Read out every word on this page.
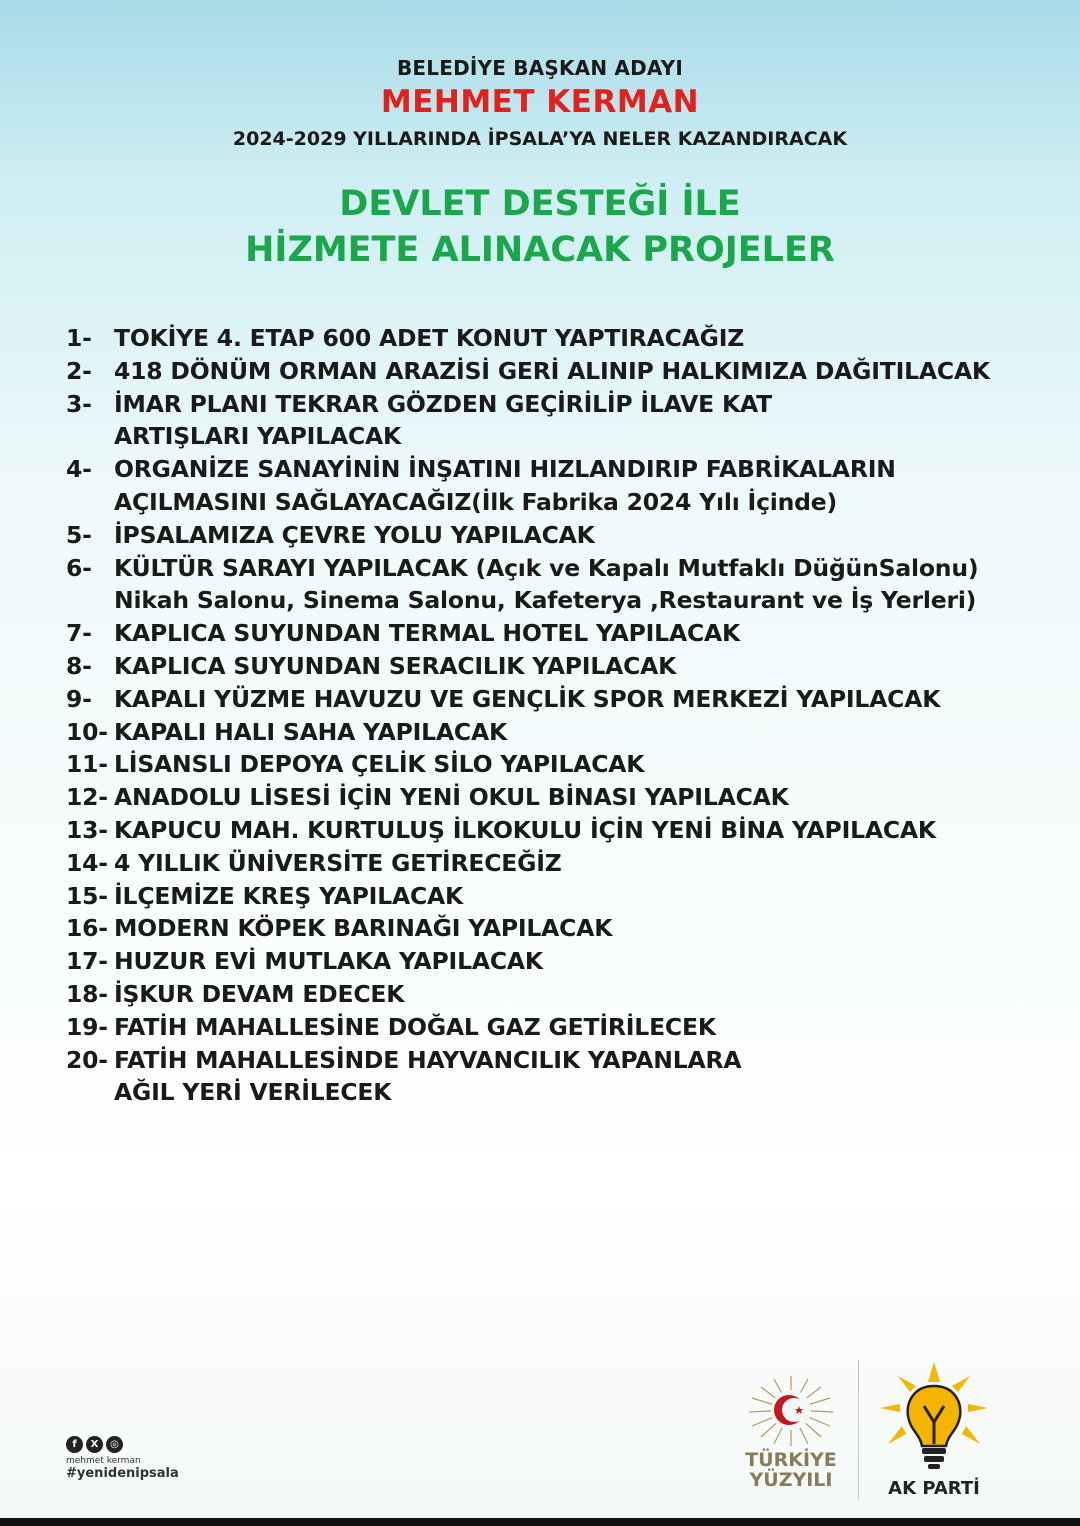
BELEDİYE BAŞKAN ADAYI
MEHMET KERMAN
2024-2029 YILLARINDA İPSALA’YA NELER KAZANDIRACAK
DEVLET DESTEĞİ İLE
HİZMETE ALINACAK PROJELER
1- TOKİYE 4. ETAP 600 ADET KONUT YAPTIRACAĞIZ
2- 418 DÖNÜM ORMAN ARAZİSİ GERİ ALINIP HALKIMIZA DAĞITILACAK
3- İMAR PLANI TEKRAR GÖZDEN GEÇİRİLİP İLAVE KAT
ARTIŞLARI YAPILACAK
4- ORGANİZE SANAYİNİN İNŞATINI HIZLANDIRIP FABRİKALARIN
AÇILMASINI SAĞLAYACAĞIZ(İlk Fabrika 2024 Yılı İçinde)
5- İPSALAMIZA ÇEVRE YOLU YAPILACAK
6- KÜLTÜR SARAYI YAPILACAK (Açık ve Kapalı Mutfaklı DüğünSalonu)
Nikah Salonu, Sinema Salonu, Kafeterya ,Restaurant ve İş Yerleri)
7- KAPLICA SUYUNDAN TERMAL HOTEL YAPILACAK
8- KAPLICA SUYUNDAN SERACILIK YAPILACAK
9- KAPALI YÜZME HAVUZU VE GENÇLİK SPOR MERKEZİ YAPILACAK
10- KAPALI HALI SAHA YAPILACAK
11- LİSANSLI DEPOYA ÇELİK SİLO YAPILACAK
12- ANADOLU LİSESİ İÇİN YENİ OKUL BİNASI YAPILACAK
13- KAPUCU MAH. KURTULUŞ İLKOKULU İÇİN YENİ BİNA YAPILACAK
14- 4 YILLIK ÜNİVERSİTE GETİRECEĞİZ
15- İLÇEMİZE KREŞ YAPILACAK
16- MODERN KÖPEK BARINAĞI YAPILACAK
17- HUZUR EVİ MUTLAKA YAPILACAK
18- İŞKUR DEVAM EDECEK
19- FATİH MAHALLESİNE DOĞAL GAZ GETİRİLECEK
20- FATİH MAHALLESİNDE HAYVANCILIK YAPANLARA
AĞIL YERİ VERİLECEK
f	X	◎
mehmet kerman
#yenidenipsala
TÜRKİYE
YÜZYILI	AK PARTİ
